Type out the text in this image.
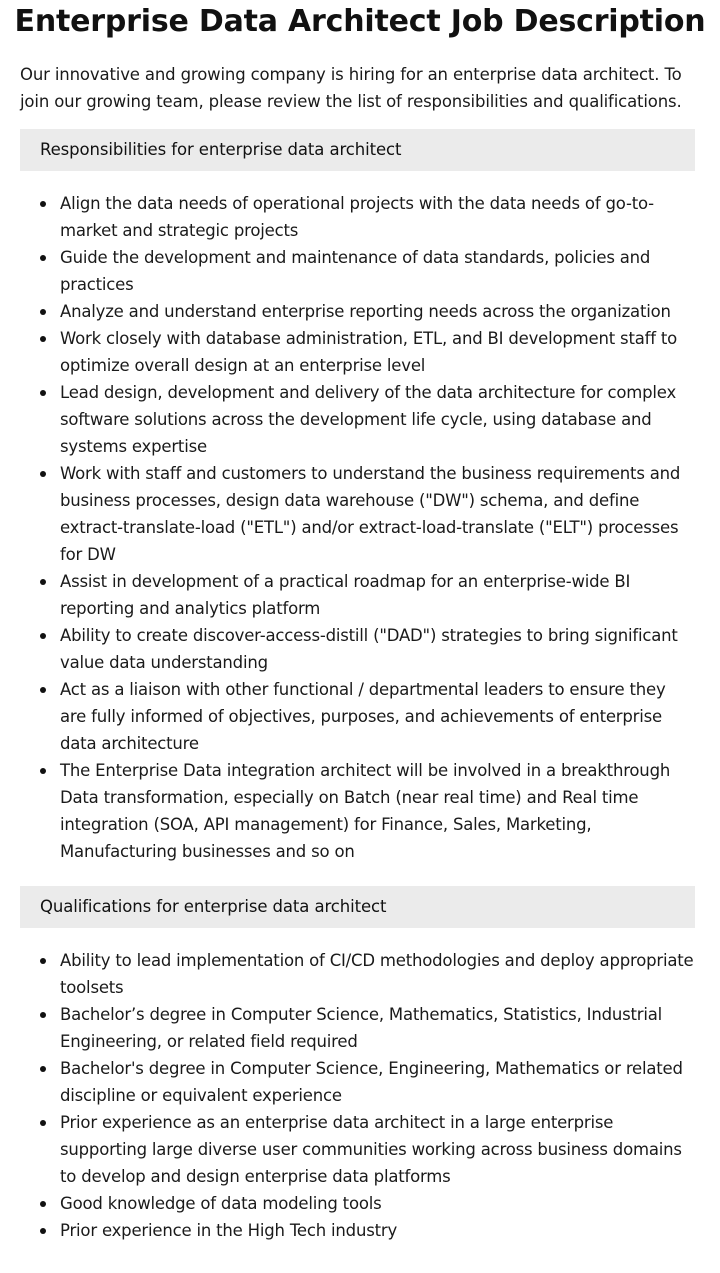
Enterprise Data Architect Job Description

Our innovative and growing company is hiring for an enterprise data architect. To join our growing team, please review the list of responsibilities and qualifications.

Responsibilities for enterprise data architect
Align the data needs of operational projects with the data needs of go-to-market and strategic projects
Guide the development and maintenance of data standards, policies and practices
Analyze and understand enterprise reporting needs across the organization
Work closely with database administration, ETL, and BI development staff to optimize overall design at an enterprise level
Lead design, development and delivery of the data architecture for complex software solutions across the development life cycle, using database and systems expertise
Work with staff and customers to understand the business requirements and business processes, design data warehouse ("DW") schema, and define extract-translate-load ("ETL") and/or extract-load-translate ("ELT") processes for DW
Assist in development of a practical roadmap for an enterprise-wide BI reporting and analytics platform
Ability to create discover-access-distill ("DAD") strategies to bring significant value data understanding
Act as a liaison with other functional / departmental leaders to ensure they are fully informed of objectives, purposes, and achievements of enterprise data architecture
The Enterprise Data integration architect will be involved in a breakthrough Data transformation, especially on Batch (near real time) and Real time integration (SOA, API management) for Finance, Sales, Marketing, Manufacturing businesses and so on
Qualifications for enterprise data architect
Ability to lead implementation of CI/CD methodologies and deploy appropriate toolsets
Bachelor’s degree in Computer Science, Mathematics, Statistics, Industrial Engineering, or related field required
Bachelor's degree in Computer Science, Engineering, Mathematics or related discipline or equivalent experience
Prior experience as an enterprise data architect in a large enterprise supporting large diverse user communities working across business domains to develop and design enterprise data platforms
Good knowledge of data modeling tools
Prior experience in the High Tech industry
